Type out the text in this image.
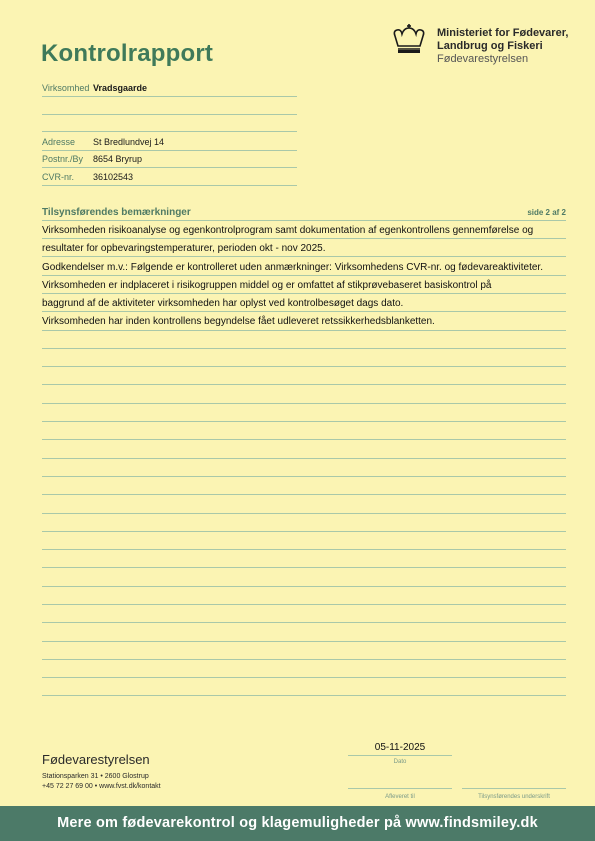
Kontrolrapport
Ministeriet for Fødevarer,
Landbrug og Fiskeri
Fødevarestyrelsen
Virksomhed Vradsgaarde
Adresse St Bredlundvej 14
Postnr./By 8654 Bryrup
CVR-nr. 36102543
Tilsynsførendes bemærkninger	side 2 af 2
Virksomheden risikoanalyse og egenkontrolprogram samt dokumentation af egenkontrollens gennemførelse og
resultater for opbevaringstemperaturer, perioden okt - nov 2025.
Godkendelser m.v.: Følgende er kontrolleret uden anmærkninger: Virksomhedens CVR-nr. og fødevareaktiviteter.
Virksomheden er indplaceret i risikogruppen middel og er omfattet af stikprøvebaseret basiskontrol på
baggrund af de aktiviteter virksomheden har oplyst ved kontrolbesøget dags dato.
Virksomheden har inden kontrollens begyndelse fået udleveret retssikkerhedsblanketten.
Fødevarestyrelsen
Stationsparken 31 • 2600 Glostrup
+45 72 27 69 00 • www.fvst.dk/kontakt
05-11-2025
Dato
Afleveret til	Tilsynsførendes underskrift
Mere om fødevarekontrol og klagemuligheder på www.findsmiley.dk
